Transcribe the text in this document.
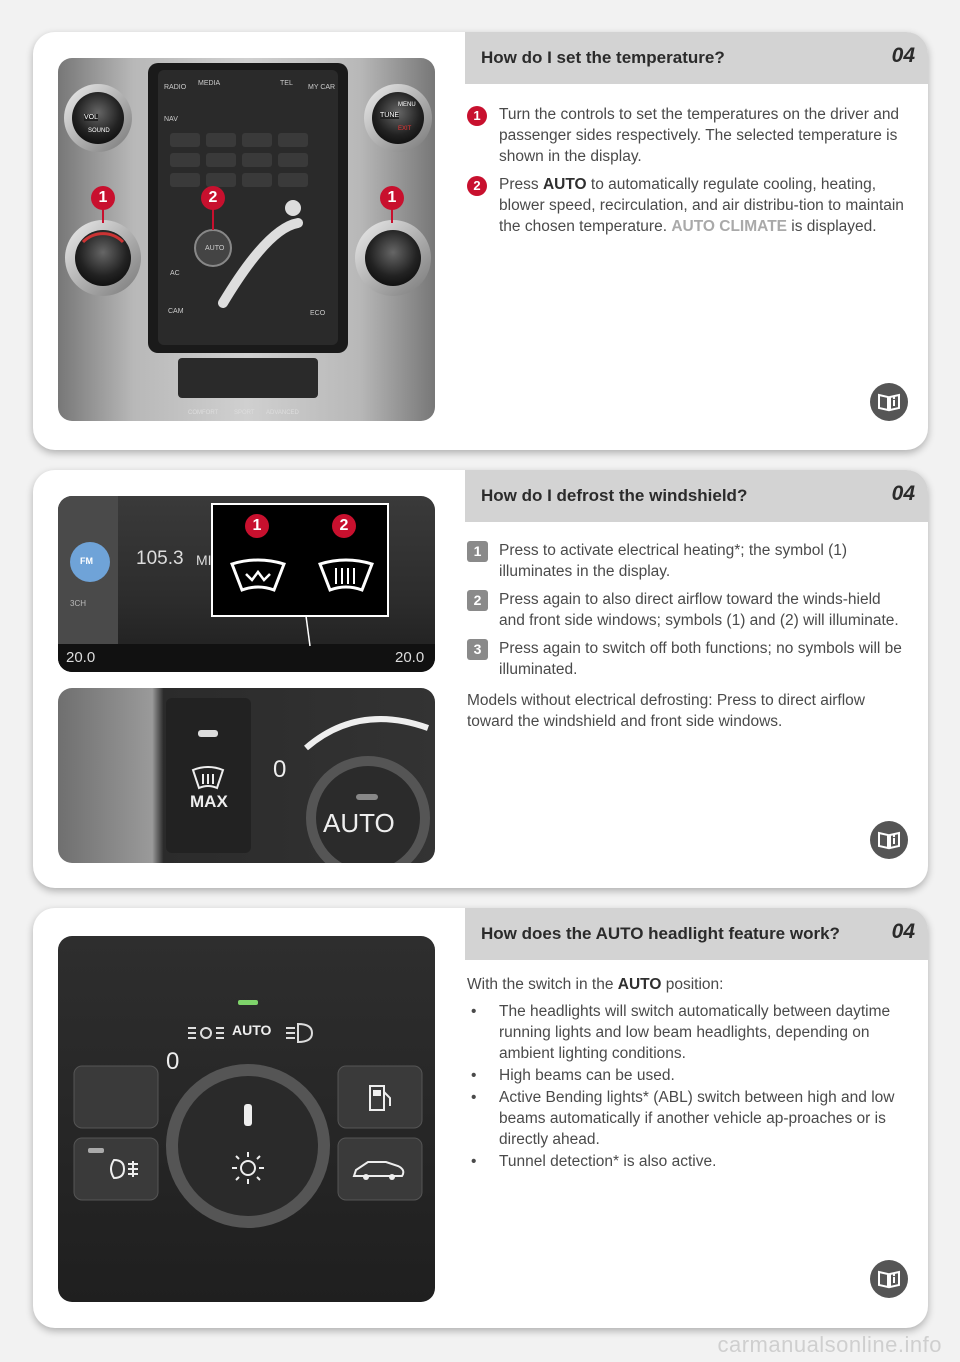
RADIO
MEDIA	TEL
MY CAR
NAV
AC
CAM	ECO
AUTO
VOL
SOUND
TUNE
MENU
EXIT
COMFORT	SPORT ADVANCED
1	2	1
How do I set the temperature?	04

1	Turn the controls to set the temperatures on the driver and passenger sides respectively. The selected temperature is shown in the display.

2	Press AUTO to automatically regulate cooling, heating, blower speed, recirculation, and air distribu-tion to maintain the chosen temperature. AUTO CLIMATE is displayed.

FM
3CH
105.3 MI
20.0	20.0
1	2
MAX
0
AUTO
How do I defrost the windshield?	04

1	Press to activate electrical heating*; the symbol (1) illuminates in the display.

2	Press again to also direct airflow toward the winds-hield and front side windows; symbols (1) and (2) will illuminate.

3	Press again to switch off both functions; no symbols will be illuminated.

Models without electrical defrosting: Press to direct airflow toward the windshield and front side windows.

AUTO
0
How does the AUTO headlight feature work? 04

With the switch in the AUTO position:

• The headlights will switch automatically between daytime running lights and low beam headlights, depending on ambient lighting conditions.
• High beams can be used.
• Active Bending lights* (ABL) switch between high and low beams automatically if another vehicle ap-proaches or is directly ahead.
• Tunnel detection* is also active.
carmanualsonline.info
